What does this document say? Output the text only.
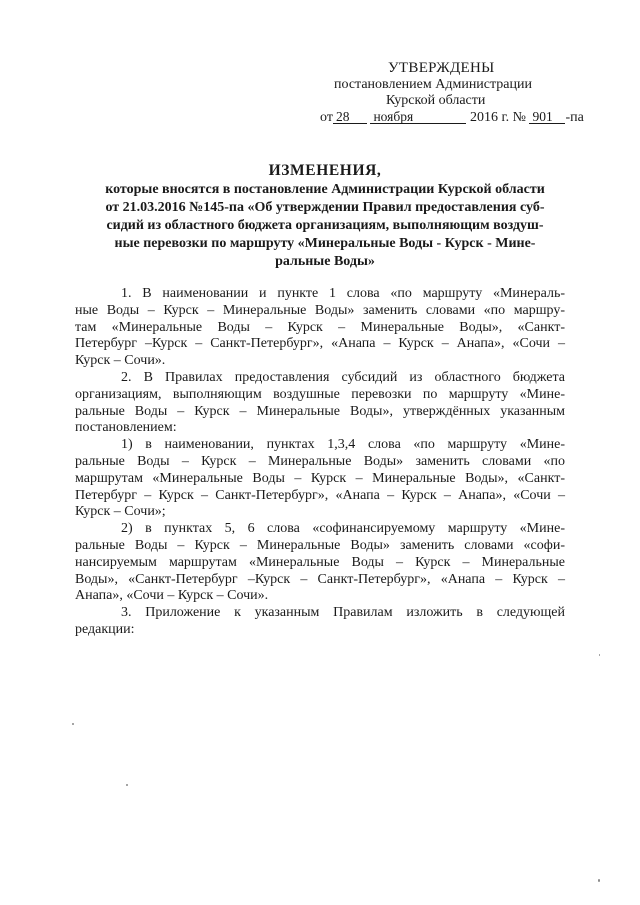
УТВЕРЖДЕНЫ
постановлением Администрации
Курской области
от 28 ноября	2016 г. № 901 -па
ИЗМЕНЕНИЯ,
которые вносятся в постановление Администрации Курской области
от 21.03.2016 №145-па «Об утверждении Правил предоставления суб-
сидий из областного бюджета организациям, выполняющим воздуш-
ные перевозки по маршруту «Минеральные Воды - Курск - Мине-
ральные Воды»
1. В наименовании и пункте 1 слова «по маршруту «Минераль-
ные Воды – Курск – Минеральные Воды» заменить словами «по маршру-
там «Минеральные Воды – Курск – Минеральные Воды», «Санкт-
Петербург –Курск – Санкт-Петербург», «Анапа – Курск – Анапа», «Сочи –
Курск – Сочи».
2. В Правилах предоставления субсидий из областного бюджета
организациям, выполняющим воздушные перевозки по маршруту «Мине-
ральные Воды – Курск – Минеральные Воды», утверждённых указанным
постановлением:
1) в наименовании, пунктах 1,3,4 слова «по маршруту «Мине-
ральные Воды – Курск – Минеральные Воды» заменить словами «по
маршрутам «Минеральные Воды – Курск – Минеральные Воды», «Санкт-
Петербург – Курск – Санкт-Петербург», «Анапа – Курск – Анапа», «Сочи –
Курск – Сочи»;
2) в пунктах 5, 6 слова «софинансируемому маршруту «Мине-
ральные Воды – Курск – Минеральные Воды» заменить словами «софи-
нансируемым маршрутам «Минеральные Воды – Курск – Минеральные
Воды», «Санкт-Петербург –Курск – Санкт-Петербург», «Анапа – Курск –
Анапа», «Сочи – Курск – Сочи».
3. Приложение к указанным Правилам изложить в следующей
редакции:
